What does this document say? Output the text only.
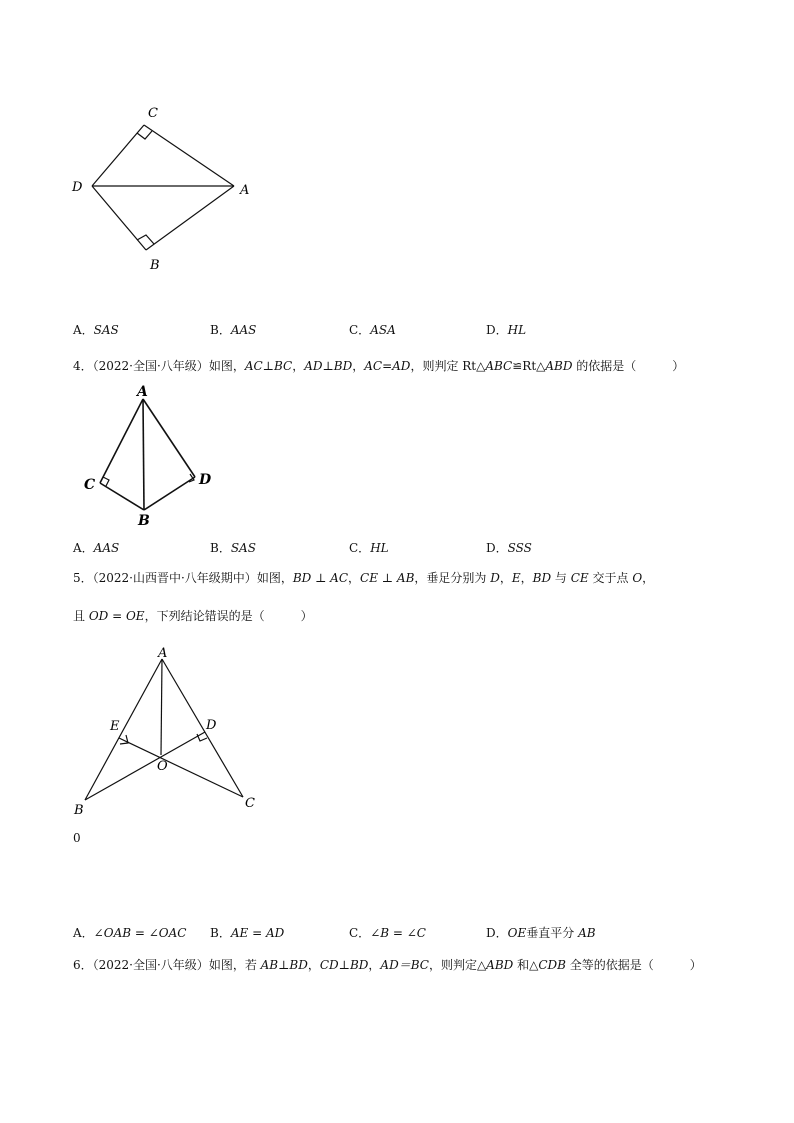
C
D	A
B
A．SAS	B．AAS	C．ASA	D．HL
4．（2022·全国·八年级）如图，AC⊥BC，AD⊥BD，AC=AD，则判定 Rt△ABC≌Rt△ABD 的依据是（　　　）
A
C	D
B
A．AAS	B．SAS	C．HL	D．SSS
5．（2022·山西晋中·八年级期中）如图，BD ⊥ AC，CE ⊥ AB，垂足分别为 D，E，BD 与 CE 交于点 O，
且 OD = OE，下列结论错误的是（　　　）
A
E	D
O
B	C
0
A．∠OAB = ∠OAC B．AE = AD	C．∠B = ∠C	D．OE垂直平分 AB
6．（2022·全国·八年级）如图，若 AB⊥BD，CD⊥BD，AD＝BC，则判定△ABD 和△CDB 全等的依据是（　　　）
